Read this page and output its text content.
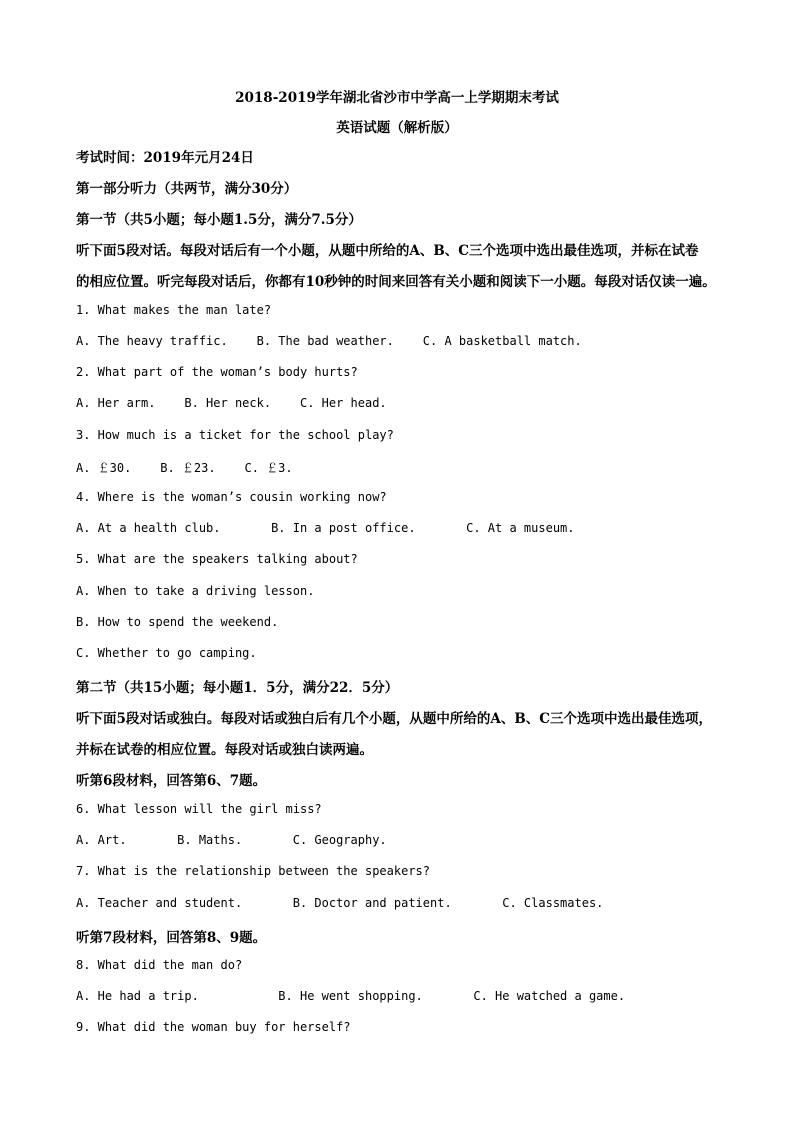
2018-2019学年湖北省沙市中学高一上学期期末考试
英语试题（解析版）
考试时间：2019年元月24日
第一部分听力（共两节，满分30分）
第一节（共5小题；每小题1.5分，满分7.5分）
听下面5段对话。每段对话后有一个小题，从题中所给的A、B、C三个选项中选出最佳选项，并标在试卷
的相应位置。听完每段对话后，你都有10秒钟的时间来回答有关小题和阅读下一小题。每段对话仅读一遍。
1. What makes the man late?
A. The heavy traffic.    B. The bad weather.    C. A basketball match.
2. What part of the woman’s body hurts?
A. Her arm.    B. Her neck.    C. Her head.
3. How much is a ticket for the school play?
A. ￡30.    B. ￡23.    C. ￡3.
4. Where is the woman’s cousin working now?
A. At a health club.       B. In a post office.       C. At a museum.
5. What are the speakers talking about?
A. When to take a driving lesson.
B. How to spend the weekend.
C. Whether to go camping.
第二节（共15小题；每小题1．5分，满分22．5分）
听下面5段对话或独白。每段对话或独白后有几个小题，从题中所给的A、B、C三个选项中选出最佳选项，
并标在试卷的相应位置。每段对话或独白读两遍。
听第6段材料，回答第6、7题。
6. What lesson will the girl miss?
A. Art.       B. Maths.       C. Geography.
7. What is the relationship between the speakers?
A. Teacher and student.       B. Doctor and patient.       C. Classmates.
听第7段材料，回答第8、9题。
8. What did the man do?
A. He had a trip.           B. He went shopping.       C. He watched a game.
9. What did the woman buy for herself?
